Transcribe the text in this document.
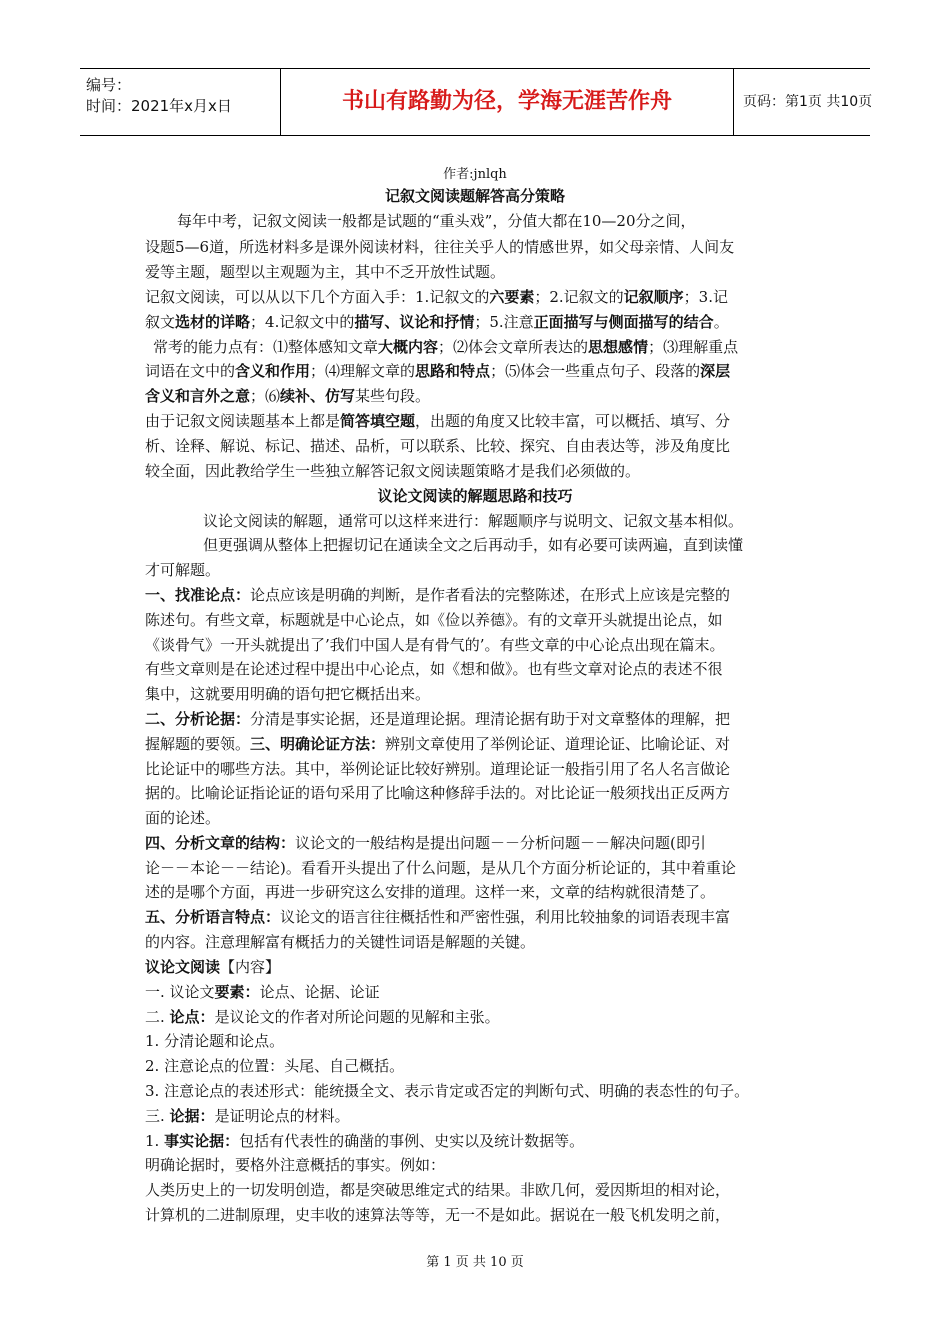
编号：
时间：2021年x月x日	书山有路勤为径，学海无涯苦作舟	页码：第1页 共10页
作者:jnlqh
记叙文阅读题解答高分策略
每年中考，记叙文阅读一般都是试题的“重头戏”，分值大都在10—20分之间，
设题5—6道，所选材料多是课外阅读材料，往往关乎人的情感世界，如父母亲情、人间友
爱等主题，题型以主观题为主，其中不乏开放性试题。
记叙文阅读，可以从以下几个方面入手：1.记叙文的六要素；2.记叙文的记叙顺序；3.记
叙文选材的详略；4.记叙文中的描写、议论和抒情；5.注意正面描写与侧面描写的结合。
常考的能力点有：⑴整体感知文章大概内容；⑵体会文章所表达的思想感情；⑶理解重点
词语在文中的含义和作用；⑷理解文章的思路和特点；⑸体会一些重点句子、段落的深层
含义和言外之意；⑹续补、仿写某些句段。
由于记叙文阅读题基本上都是简答填空题，出题的角度又比较丰富，可以概括、填写、分
析、诠释、解说、标记、描述、品析，可以联系、比较、探究、自由表达等，涉及角度比
较全面，因此教给学生一些独立解答记叙文阅读题策略才是我们必须做的。
议论文阅读的解题思路和技巧
议论文阅读的解题，通常可以这样来进行：解题顺序与说明文、记叙文基本相似。
但更强调从整体上把握切记在通读全文之后再动手，如有必要可读两遍，直到读懂
才可解题。
一、找准论点：论点应该是明确的判断，是作者看法的完整陈述，在形式上应该是完整的
陈述句。有些文章，标题就是中心论点，如《俭以养德》。有的文章开头就提出论点，如
《谈骨气》一开头就提出了’我们中国人是有骨气的’。有些文章的中心论点出现在篇末。
有些文章则是在论述过程中提出中心论点，如《想和做》。也有些文章对论点的表述不很
集中，这就要用明确的语句把它概括出来。
二、分析论据：分清是事实论据，还是道理论据。理清论据有助于对文章整体的理解，把
握解题的要领。三、明确论证方法：辨别文章使用了举例论证、道理论证、比喻论证、对
比论证中的哪些方法。其中，举例论证比较好辨别。道理论证一般指引用了名人名言做论
据的。比喻论证指论证的语句采用了比喻这种修辞手法的。对比论证一般须找出正反两方
面的论述。
四、分析文章的结构：议论文的一般结构是提出问题－－分析问题－－解决问题(即引
论－－本论－－结论)。看看开头提出了什么问题，是从几个方面分析论证的，其中着重论
述的是哪个方面，再进一步研究这么安排的道理。这样一来，文章的结构就很清楚了。
五、分析语言特点：议论文的语言往往概括性和严密性强，利用比较抽象的词语表现丰富
的内容。注意理解富有概括力的关键性词语是解题的关键。
议论文阅读【内容】
一. 议论文要素：论点、论据、论证
二. 论点：是议论文的作者对所论问题的见解和主张。
1. 分清论题和论点。
2. 注意论点的位置：头尾、自己概括。
3. 注意论点的表述形式：能统摄全文、表示肯定或否定的判断句式、明确的表态性的句子。
三. 论据：是证明论点的材料。
1. 事实论据：包括有代表性的确凿的事例、史实以及统计数据等。
明确论据时，要格外注意概括的事实。例如：
人类历史上的一切发明创造，都是突破思维定式的结果。非欧几何，爱因斯坦的相对论，
计算机的二进制原理，史丰收的速算法等等，无一不是如此。据说在一般飞机发明之前，
第 1 页 共 10 页
